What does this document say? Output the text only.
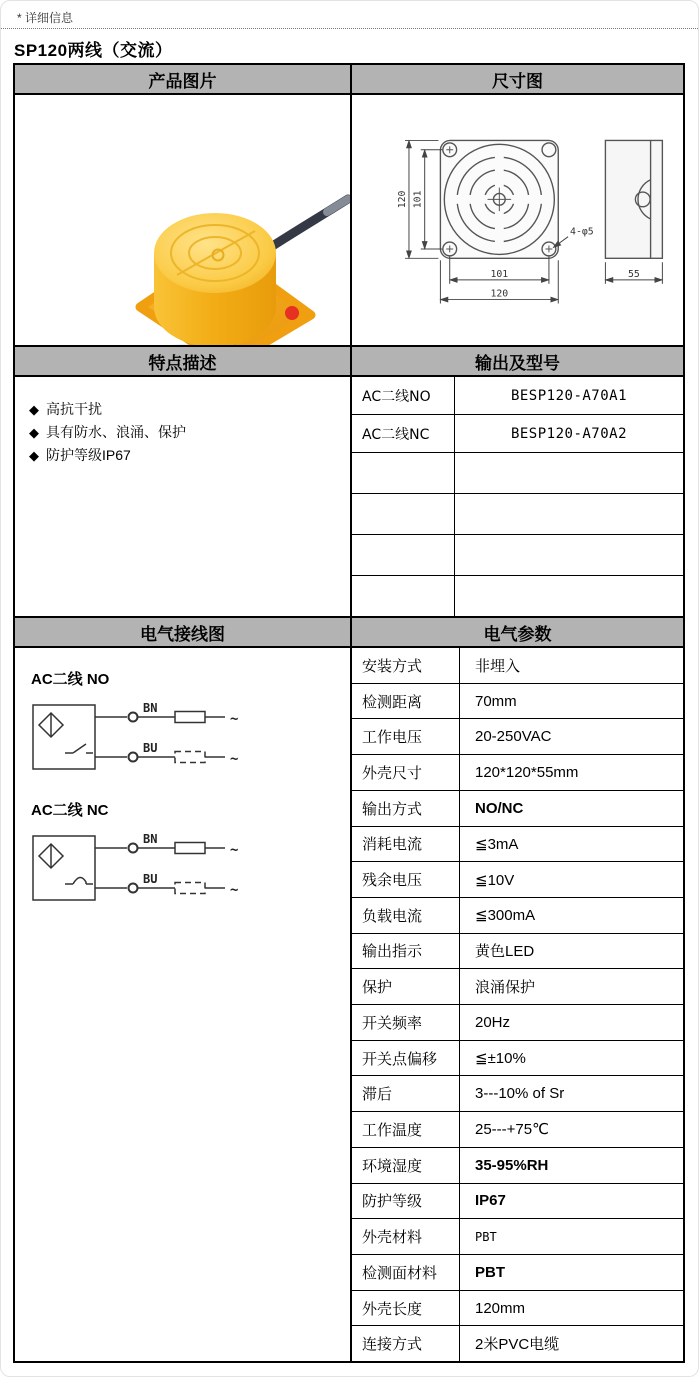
* 详细信息
SP120两线（交流）
产品图片	尺寸图
120 101
101
120
4-φ5
55
特点描述	输出及型号
◆ 高抗干扰
◆ 具有防水、浪涌、保护
◆ 防护等级IP67
AC二线NO	BESP120-A70A1
AC二线NC	BESP120-A70A2
电气接线图	电气参数
AC二线 NO
BN
BU
~
~
AC二线 NC
BN
BU
~
~
安装方式	非埋入
检测距离	70mm
工作电压	20-250VAC
外壳尺寸	120*120*55mm
输出方式	NO/NC
消耗电流	≦3mA
残余电压	≦10V
负载电流	≦300mA
输出指示	黄色LED
保护	浪涌保护
开关频率	20Hz
开关点偏移	≦±10%
滞后	3---10% of Sr
工作温度	25---+75℃
环境湿度	35-95%RH
防护等级	IP67
外壳材料	PBT
检测面材料	PBT
外壳长度	120mm
连接方式	2米PVC电缆
